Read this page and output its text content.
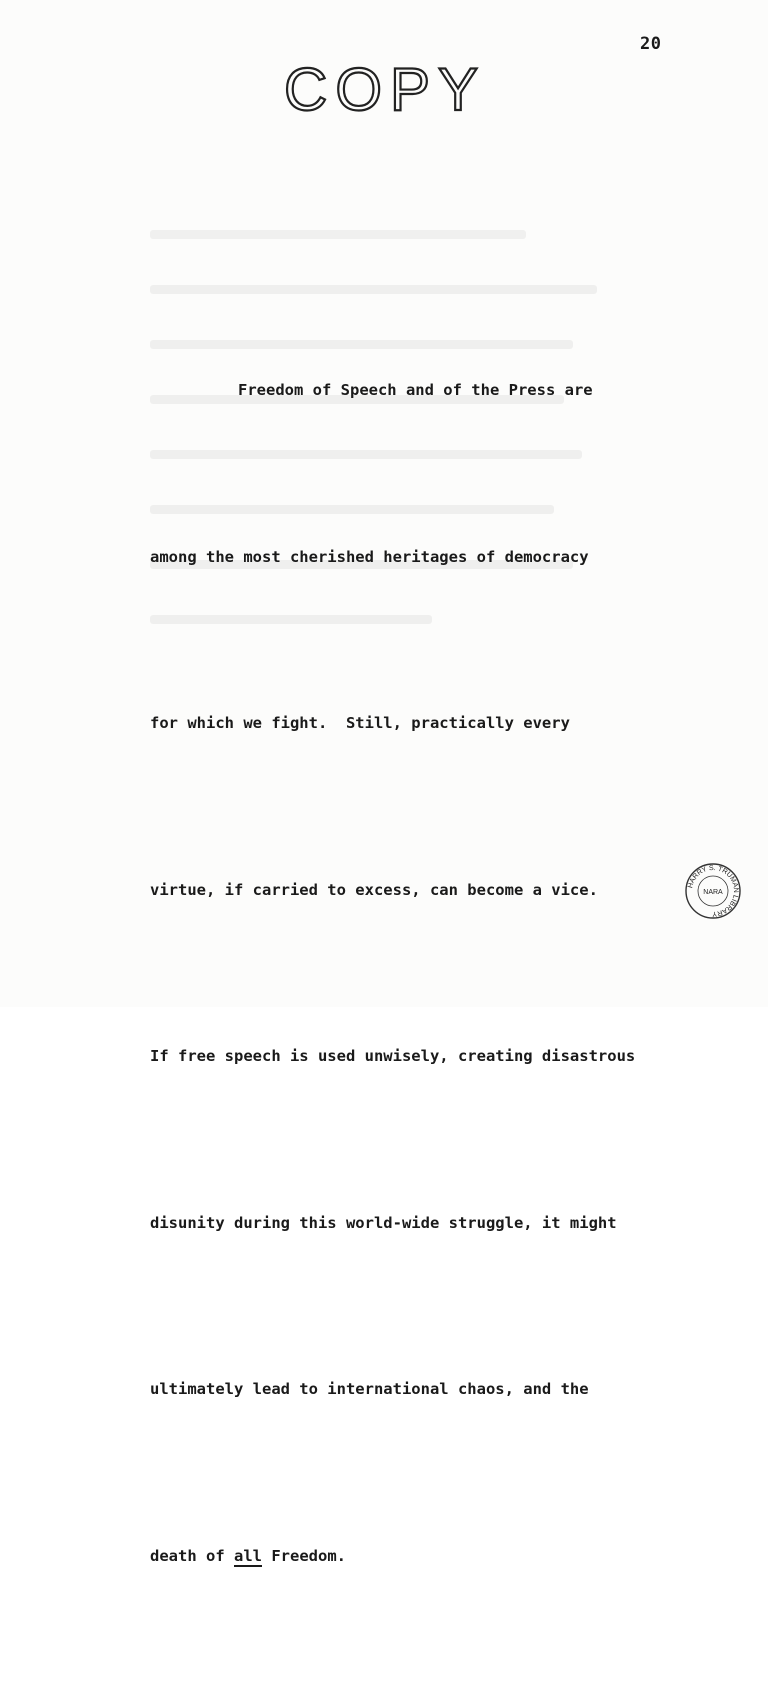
20
COPY

Freedom of Speech and of the Press are

among the most cherished heritages of democracy

for which we fight.  Still, practically every

virtue, if carried to excess, can become a vice.

If free speech is used unwisely, creating disastrous

disunity during this world-wide struggle, it might

ultimately lead to international chaos, and the

death of all Freedom.

HARRY S. TRUMAN LIBRARY
NARA
